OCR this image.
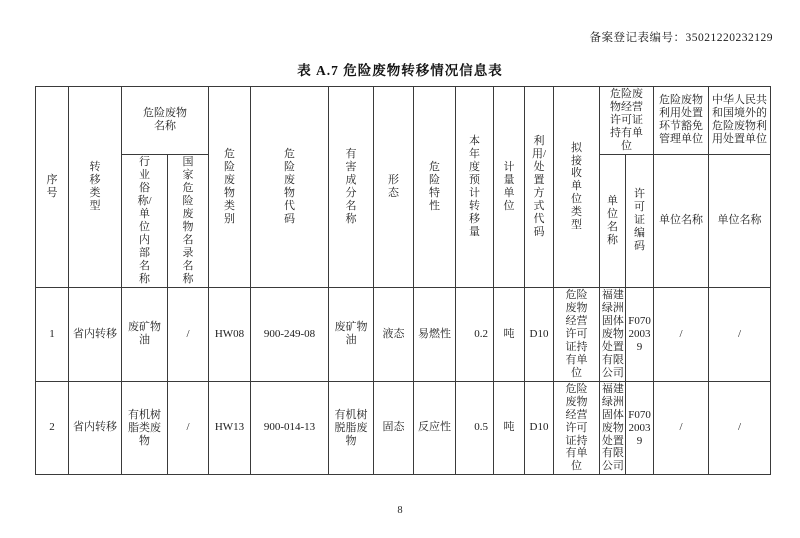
备案登记表编号：35021220232129
表 A.7 危险废物转移情况信息表
序号	转移类型	危险废物名称		危险废物类别	危险废物代码	有害成分名称	形态	危险特性	本年度预计转移量	计量单位	利用/处置方式代码	拟接收单位类型	危险废物经营许可证持有单位		危险废物利用处置环节豁免管理单位	中华人民共和国境外的危险废物利用处置单位
		行业俗称/单位内部名称	国家危险废物名录名称										单位名称	许可证编码	单位名称	单位名称
1	省内转移	废矿物油	/	HW08	900-249-08	废矿物油	液态	易燃性	0.2	吨	D10	危险废物经营许可证持有单位	福建绿洲固体废物处置有限公司	F07020039	/	/
2	省内转移	有机树脂类废物	/	HW13	900-014-13	有机树脱脂废物	固态	反应性	0.5	吨	D10	危险废物经营许可证持有单位	福建绿洲固体废物处置有限公司	F07020039	/	/
8
